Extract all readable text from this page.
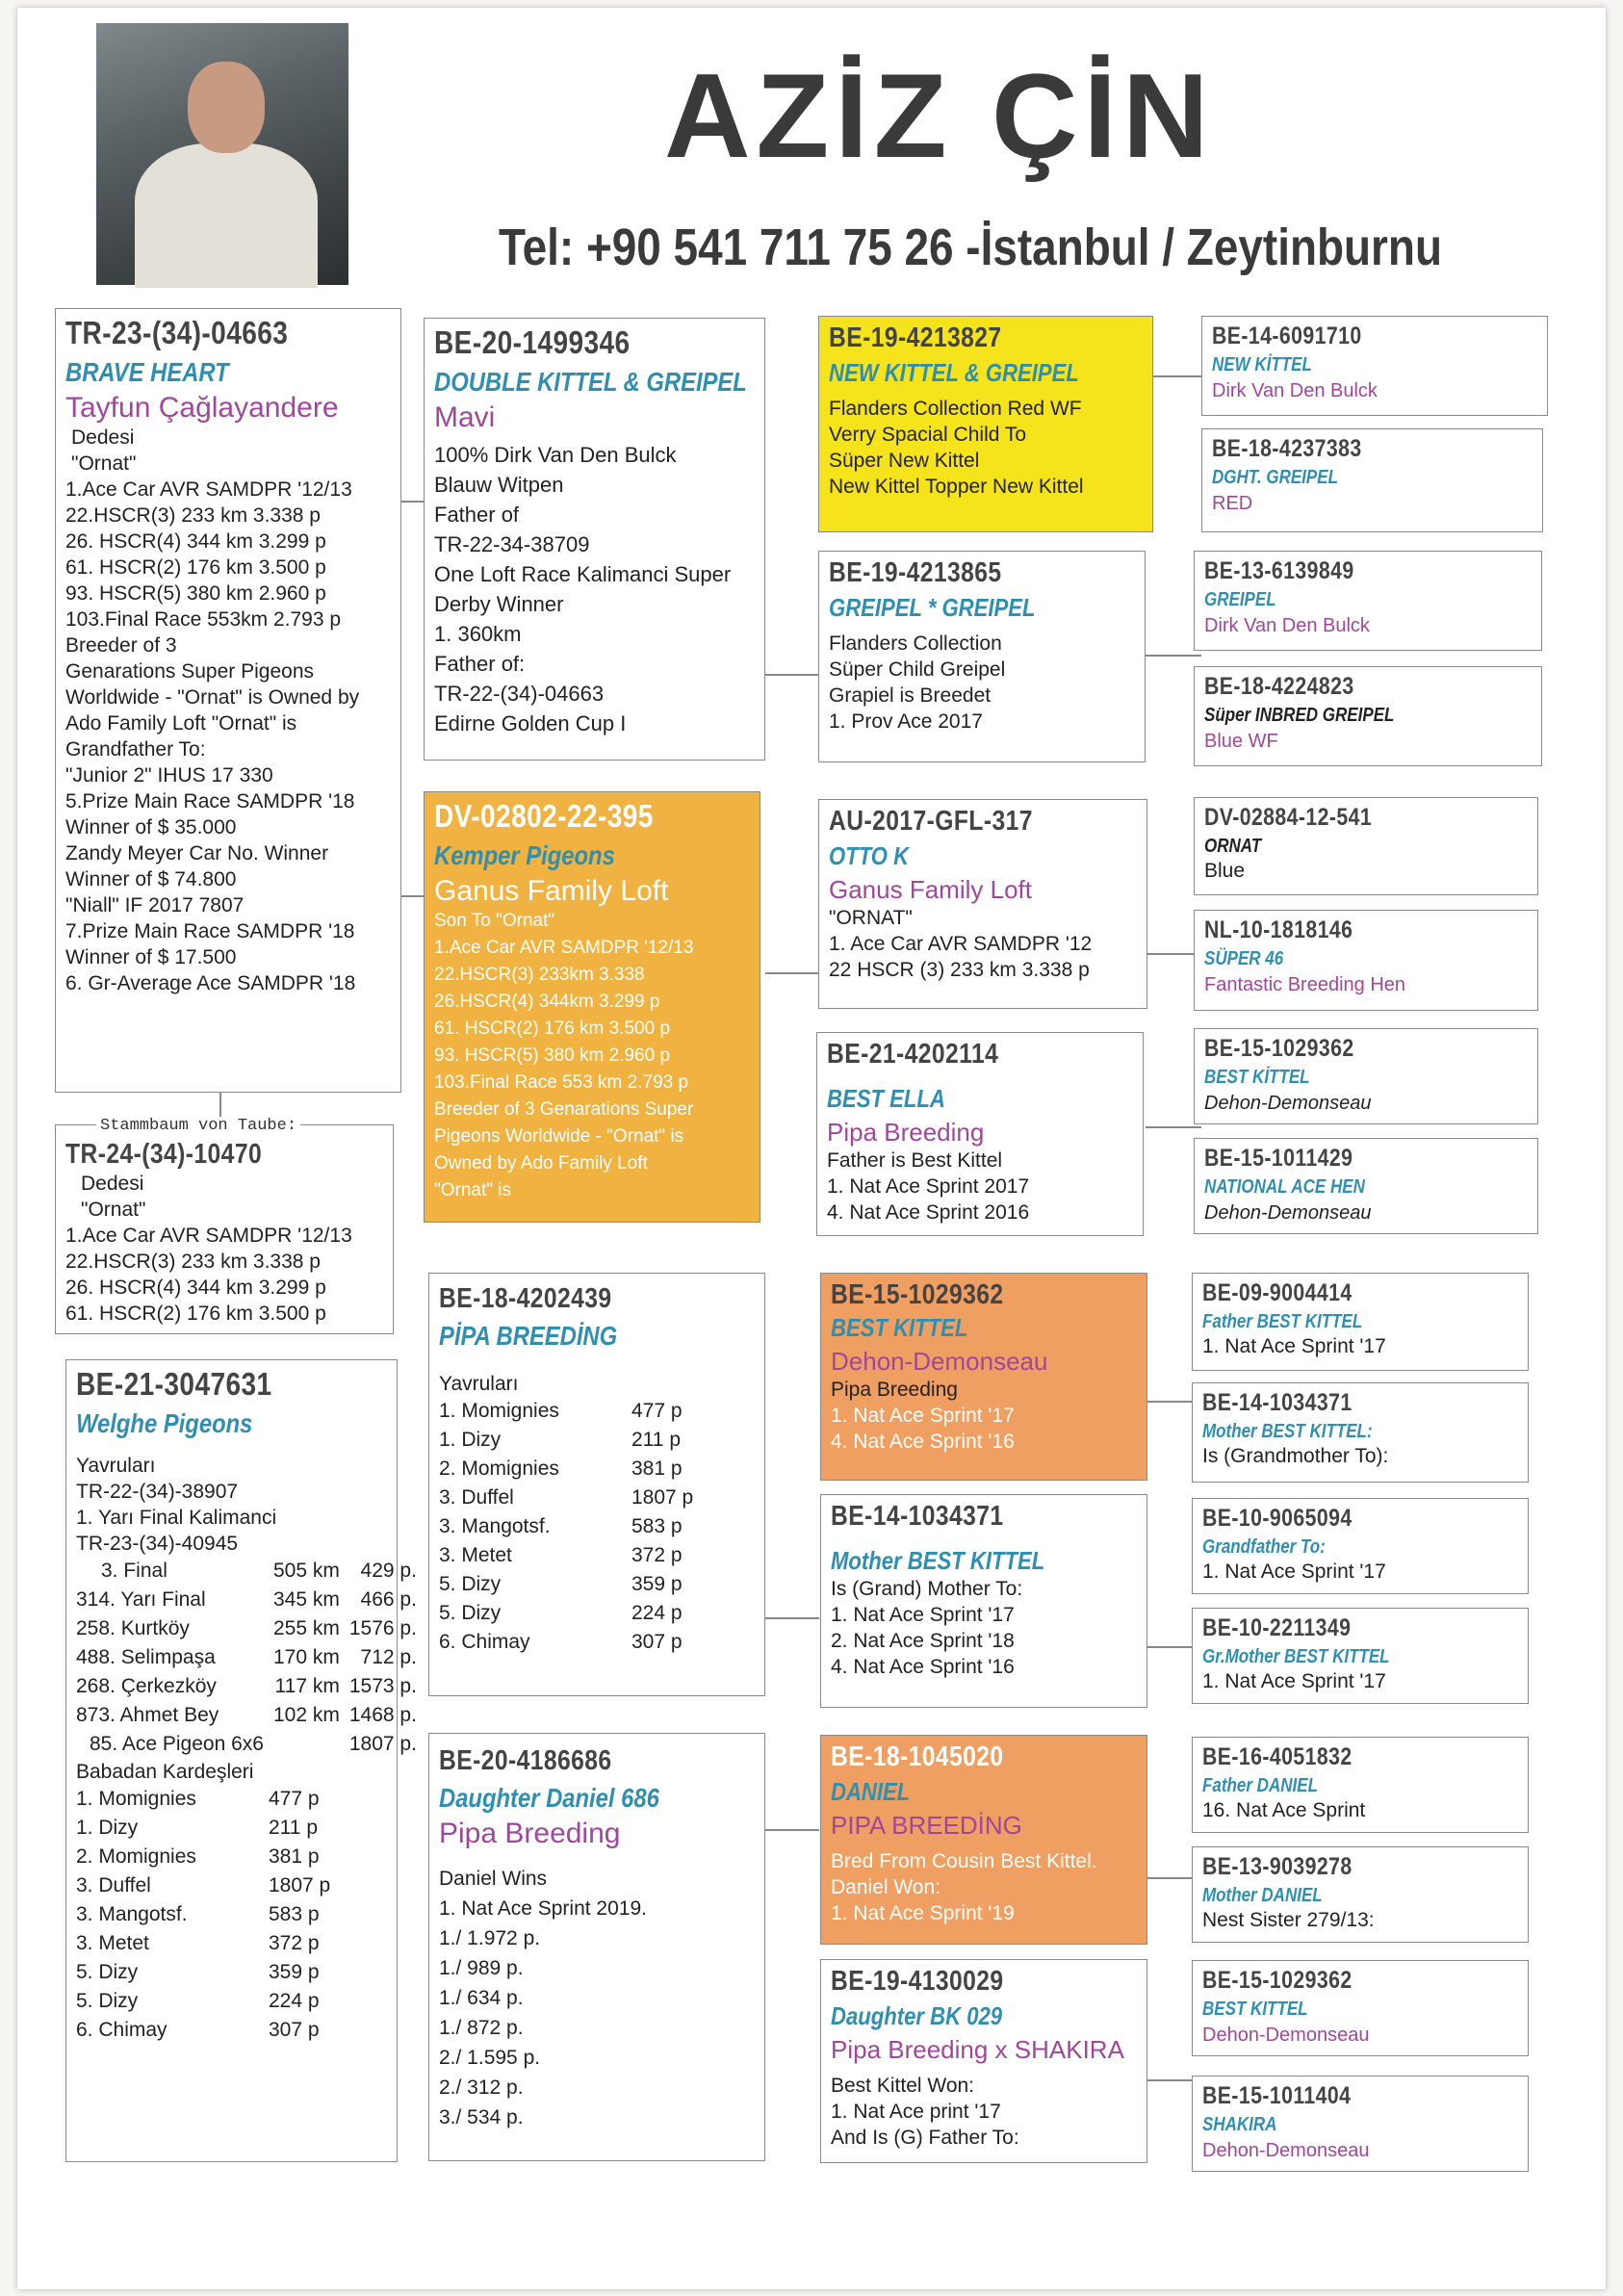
AZİZ ÇİN
Tel: +90 541 711 75 26 -İstanbul / Zeytinburnu
TR-23-(34)-04663
BRAVE HEART
Tayfun Çağlayandere
Dedesi
"Ornat"
1.Ace Car AVR SAMDPR '12/13
22.HSCR(3) 233 km 3.338 p
26. HSCR(4) 344 km 3.299 p
61. HSCR(2) 176 km 3.500 p
93. HSCR(5) 380 km 2.960 p
103.Final Race 553km 2.793 p
Breeder of 3
Genarations Super Pigeons
Worldwide - "Ornat" is Owned by
Ado Family Loft "Ornat" is
Grandfather To:
"Junior 2" IHUS 17 330
5.Prize Main Race SAMDPR '18
Winner of $ 35.000
Zandy Meyer Car No. Winner
Winner of $ 74.800
"Niall" IF 2017 7807
7.Prize Main Race SAMDPR '18
Winner of $ 17.500
6. Gr-Average Ace SAMDPR '18
TR-24-(34)-10470
Dedesi
"Ornat"
1.Ace Car AVR SAMDPR '12/13
22.HSCR(3) 233 km 3.338 p
26. HSCR(4) 344 km 3.299 p
61. HSCR(2) 176 km 3.500 p
Stammbaum von Taube:
BE-21-3047631
Welghe Pigeons
Yavruları
TR-22-(34)-38907
1. Yarı Final Kalimanci
TR-23-(34)-40945
3. Final	505 km	429 p.
314. Yarı Final	345 km	466 p.
258. Kurtköy	255 km	1576 p.
488. Selimpaşa	170 km	712 p.
268. Çerkezköy	117 km	1573 p.
873. Ahmet Bey	102 km	1468 p.
85. Ace Pigeon 6x6		1807 p.
Babadan Kardeşleri
1. Momignies	477 p
1. Dizy	211 p
2. Momignies	381 p
3. Duffel	1807 p
3. Mangotsf.	583 p
3. Metet	372 p
5. Dizy	359 p
5. Dizy	224 p
6. Chimay	307 p
BE-20-1499346
DOUBLE KITTEL & GREIPEL
Mavi
100% Dirk Van Den Bulck
Blauw Witpen
Father of
TR-22-34-38709
One Loft Race Kalimanci Super
Derby Winner
1. 360km
Father of:
TR-22-(34)-04663
Edirne Golden Cup I
DV-02802-22-395
Kemper Pigeons
Ganus Family Loft
Son To "Ornat"
1.Ace Car AVR SAMDPR '12/13
22.HSCR(3) 233km 3.338
26.HSCR(4) 344km 3.299 p
61. HSCR(2) 176 km 3.500 p
93. HSCR(5) 380 km 2.960 p
103.Final Race 553 km 2.793 p
Breeder of 3 Genarations Super
Pigeons Worldwide - "Ornat" is
Owned by Ado Family Loft
"Ornat" is
BE-18-4202439
PİPA BREEDİNG
Yavruları
1. Momignies	477 p
1. Dizy	211 p
2. Momignies	381 p
3. Duffel	1807 p
3. Mangotsf.	583 p
3. Metet	372 p
5. Dizy	359 p
5. Dizy	224 p
6. Chimay	307 p
BE-20-4186686
Daughter Daniel 686
Pipa Breeding
Daniel Wins
1. Nat Ace Sprint 2019.
1./ 1.972 p.
1./ 989 p.
1./ 634 p.
1./ 872 p.
2./ 1.595 p.
2./ 312 p.
3./ 534 p.
BE-19-4213827
NEW KITTEL & GREIPEL
Flanders Collection Red WF
Verry Spacial Child To
Süper New Kittel
New Kittel Topper New Kittel
BE-19-4213865
GREIPEL * GREIPEL
Flanders Collection
Süper Child Greipel
Grapiel is Breedet
1. Prov Ace 2017
AU-2017-GFL-317
OTTO K
Ganus Family Loft
"ORNAT"
1. Ace Car AVR SAMDPR '12
22 HSCR (3) 233 km 3.338 p
BE-21-4202114
BEST ELLA
Pipa Breeding
Father is Best Kittel
1. Nat Ace Sprint 2017
4. Nat Ace Sprint 2016
BE-15-1029362
BEST KITTEL
Dehon-Demonseau
Pipa Breeding
1. Nat Ace Sprint '17
4. Nat Ace Sprint '16
BE-14-1034371
Mother BEST KITTEL
Is (Grand) Mother To:
1. Nat Ace Sprint '17
2. Nat Ace Sprint '18
4. Nat Ace Sprint '16
BE-18-1045020
DANIEL
PIPA BREEDİNG
Bred From Cousin Best Kittel.
Daniel Won:
1. Nat Ace Sprint '19
BE-19-4130029
Daughter BK 029
Pipa Breeding x SHAKIRA
Best Kittel Won:
1. Nat Ace print '17
And Is (G) Father To:
BE-14-6091710
NEW KİTTEL
Dirk Van Den Bulck
BE-18-4237383
DGHT. GREIPEL
RED
BE-13-6139849
GREIPEL
Dirk Van Den Bulck
BE-18-4224823
Süper INBRED GREIPEL
Blue WF
DV-02884-12-541
ORNAT
Blue
NL-10-1818146
SÜPER 46
Fantastic Breeding Hen
BE-15-1029362
BEST KİTTEL
Dehon-Demonseau
BE-15-1011429
NATIONAL ACE HEN
Dehon-Demonseau
BE-09-9004414
Father BEST KITTEL
1. Nat Ace Sprint '17
BE-14-1034371
Mother BEST KITTEL:
Is (Grandmother To):
BE-10-9065094
Grandfather To:
1. Nat Ace Sprint '17
BE-10-2211349
Gr.Mother BEST KITTEL
1. Nat Ace Sprint '17
BE-16-4051832
Father DANIEL
16. Nat Ace Sprint
BE-13-9039278
Mother DANIEL
Nest Sister 279/13:
BE-15-1029362
BEST KITTEL
Dehon-Demonseau
BE-15-1011404
SHAKIRA
Dehon-Demonseau
